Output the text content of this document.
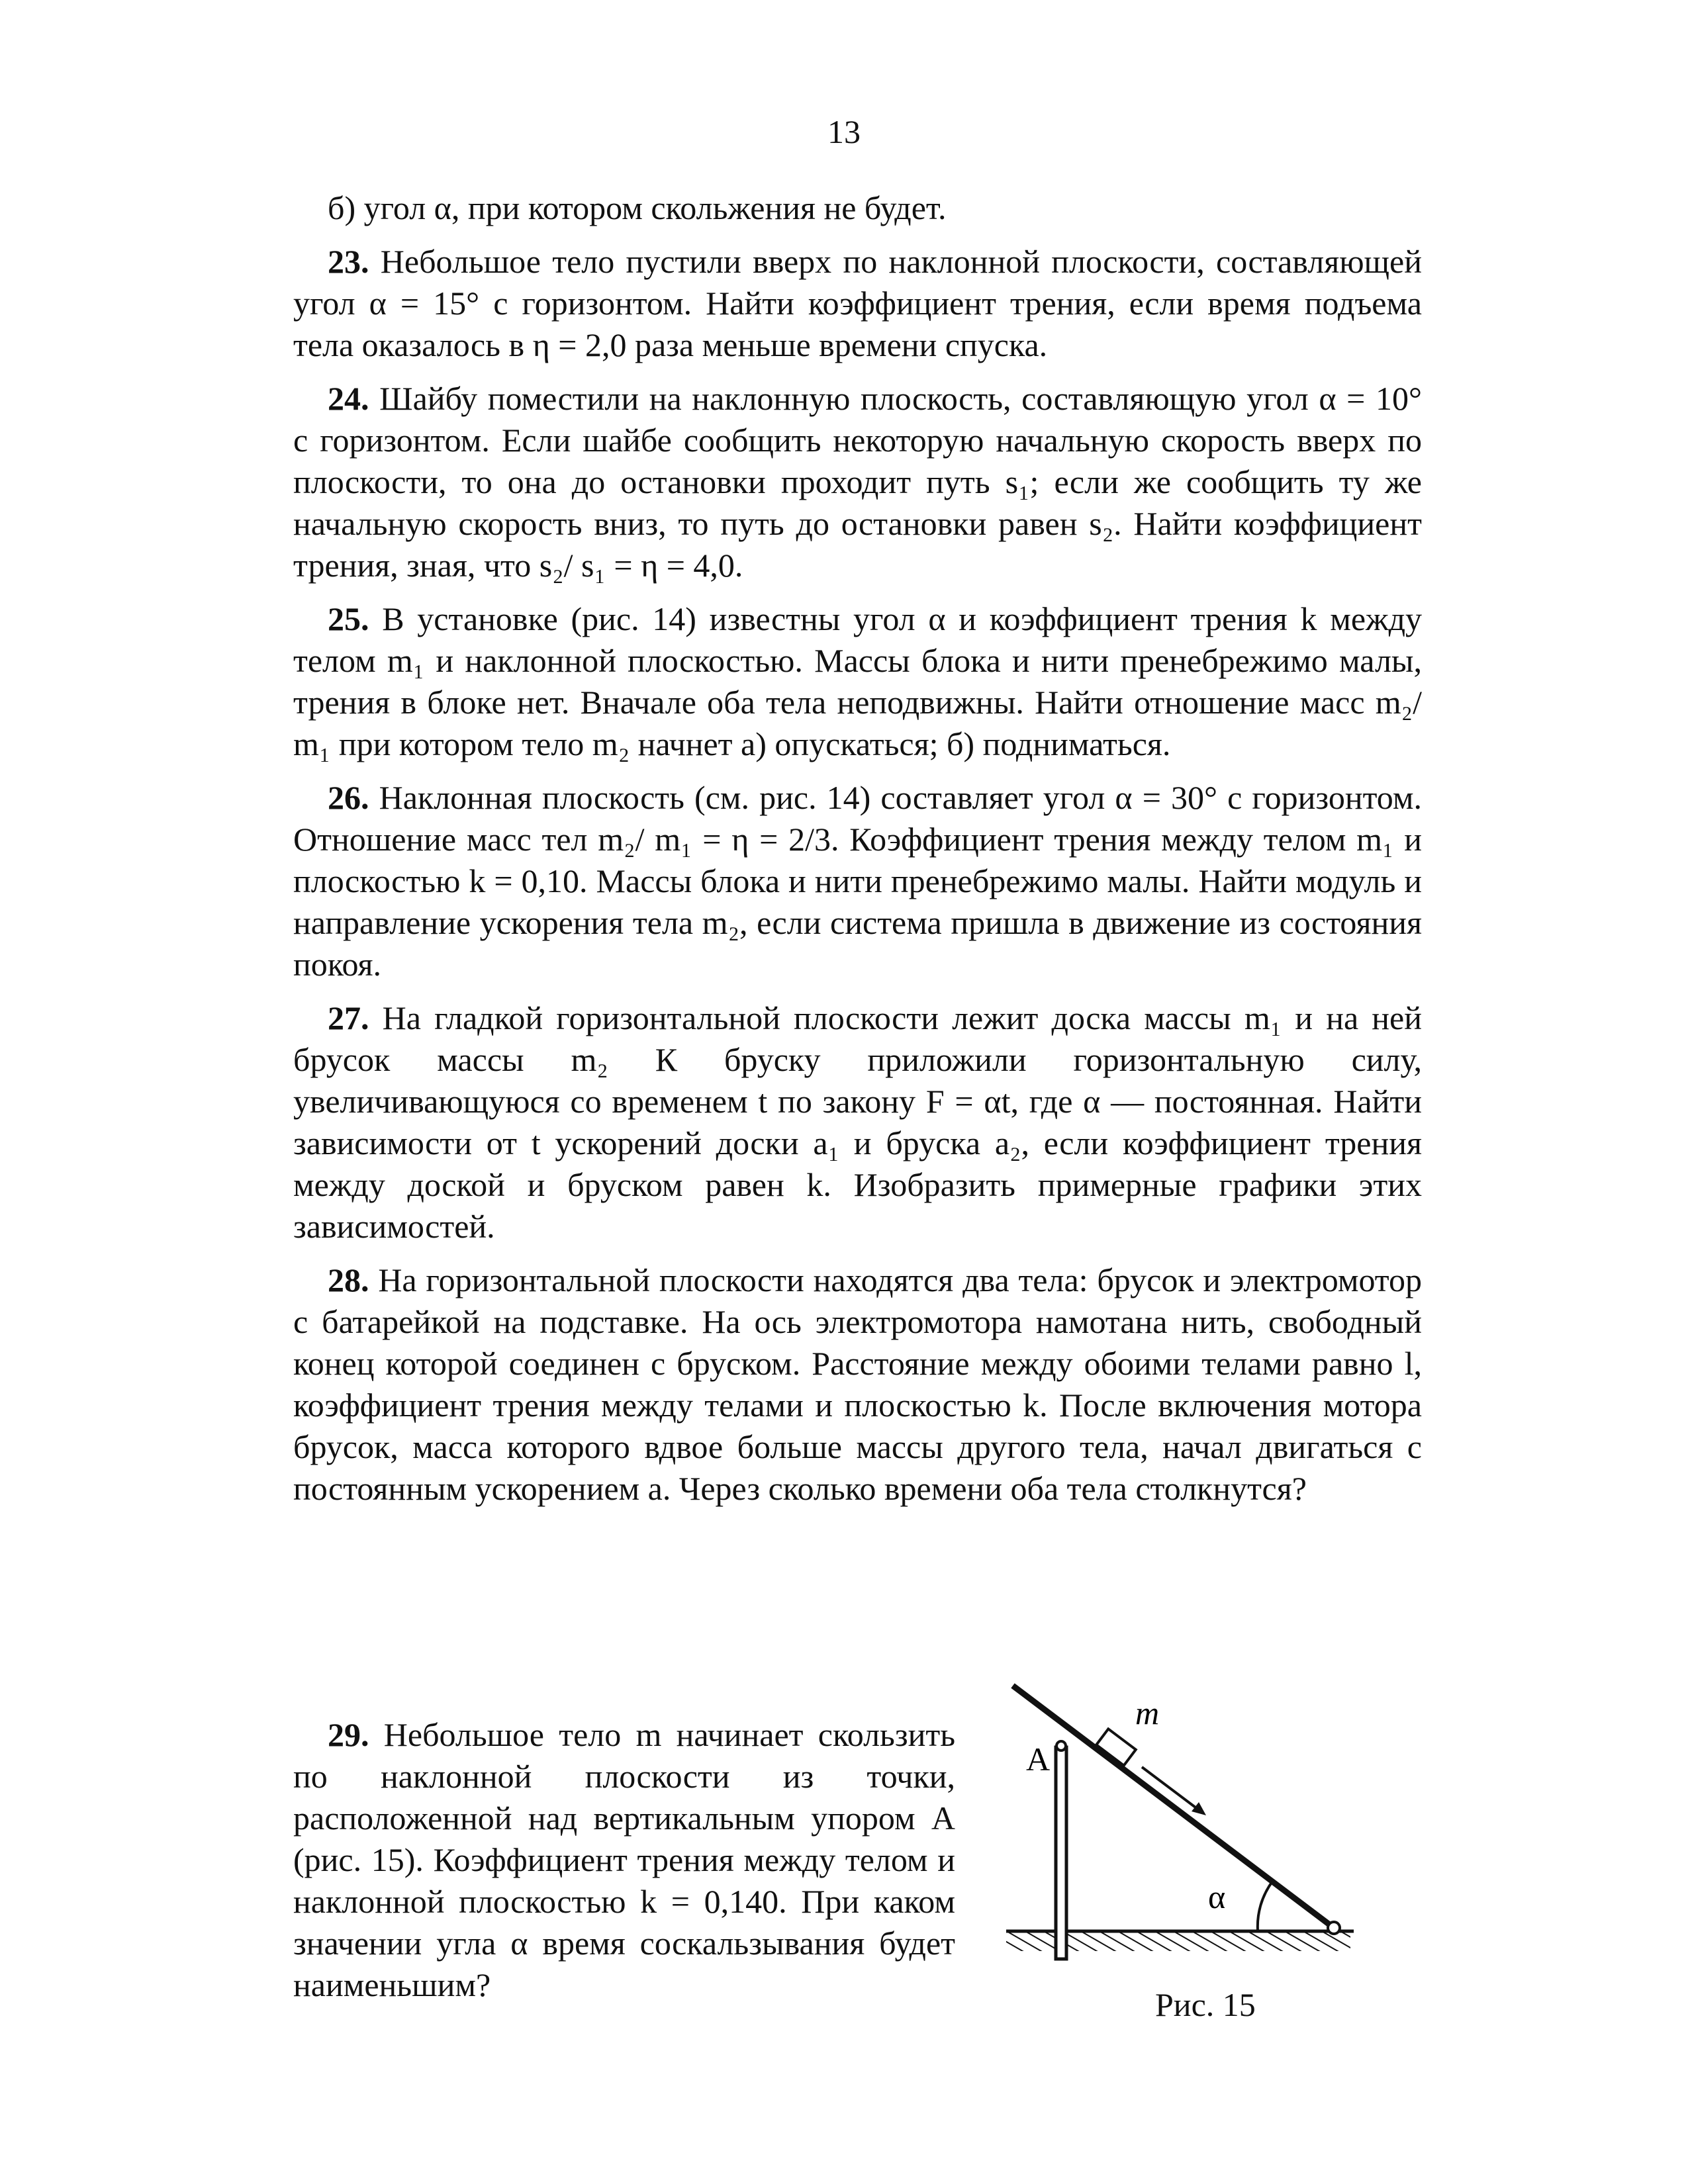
13

б) угол α, при котором скольжения не будет.

23. Небольшое тело пустили вверх по наклонной плоскости, составляющей угол α = 15° с горизонтом. Найти коэффициент трения, если время подъема тела оказалось в η = 2,0 раза меньше времени спуска.

24. Шайбу поместили на наклонную плоскость, составляющую угол α = 10° с горизонтом. Если шайбе сообщить некоторую начальную скорость вверх по плоскости, то она до остановки проходит путь s₁; если же сообщить ту же начальную скорость вниз, то путь до остановки равен s₂. Найти коэффициент трения, зная, что s₂/ s₁ = η = 4,0.

25. В установке (рис. 14) известны угол α и коэффициент трения k между телом m₁ и наклонной плоскостью. Массы блока и нити пренебрежимо малы, трения в блоке нет. Вначале оба тела неподвижны. Найти отношение масс m₂/ m₁ при котором тело m₂ начнет а) опускаться; б) подниматься.

26. Наклонная плоскость (см. рис. 14) составляет угол α = 30° с горизонтом. Отношение масс тел m₂/ m₁ = η = 2/3. Коэффициент трения между телом m₁ и плоскостью k = 0,10. Массы блока и нити пренебрежимо малы. Найти модуль и направление ускорения тела m₂, если система пришла в движение из состояния покоя.

27. На гладкой горизонтальной плоскости лежит доска массы m₁ и на ней брусок массы m₂ К бруску приложили горизонтальную силу, увеличивающуюся со временем t по закону F = αt, где α — постоянная. Найти зависимости от t ускорений доски a₁ и бруска a₂, если коэффициент трения между доской и бруском равен k. Изобразить примерные графики этих зависимостей.

28. На горизонтальной плоскости находятся два тела: брусок и электромотор с батарейкой на подставке. На ось электромотора намотана нить, свободный конец которой соединен с бруском. Расстояние между обоими телами равно l, коэффициент трения между телами и плоскостью k. После включения мотора брусок, масса которого вдвое больше массы другого тела, начал двигаться с постоянным ускорением a. Через сколько времени оба тела столкнутся?

29. Небольшое тело m начинает скользить по наклонной плоскости из точки, расположенной над вертикальным упором A (рис. 15). Коэффициент трения между телом и наклонной плоскостью k = 0,140. При каком значении угла α время соскальзывания будет наименьшим?

A
m
α
Рис. 15
